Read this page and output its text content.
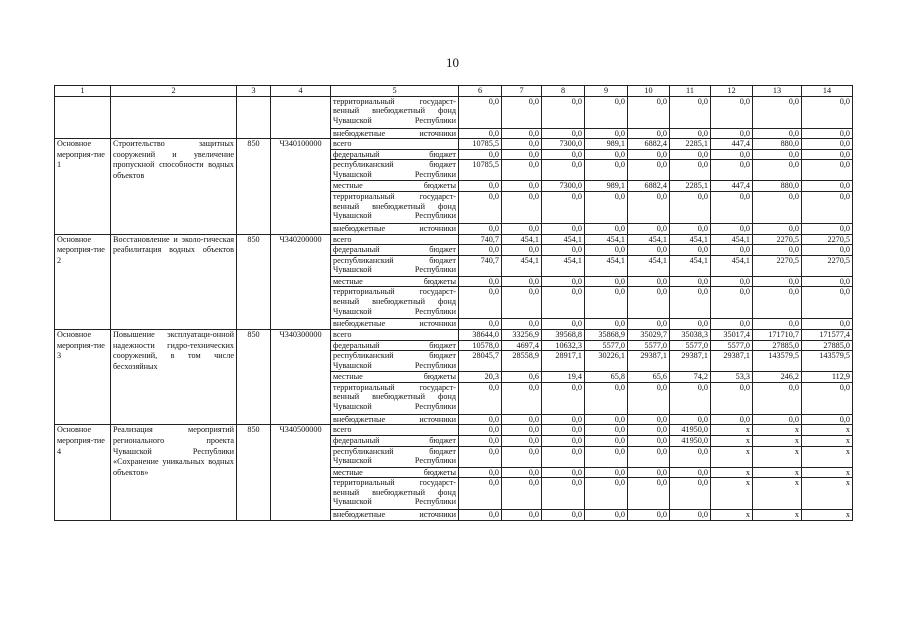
10
1	2	3	4	5	6	7	8	9	10	11	12	13	14
				территориальный государст-венный внебюджетный фонд Чувашской Республики	0,0	0,0	0,0	0,0	0,0	0,0	0,0	0,0	0,0
				внебюджетные источники	0,0	0,0	0,0	0,0	0,0	0,0	0,0	0,0	0,0
Основное мероприя-тие 1	Строительство защитных сооружений и увеличение пропускной способности водных объектов	850	Ч340100000	всего	10785,5	0,0	7300,0	989,1	6882,4	2285,1	447,4	880,0	0,0
				федеральный бюджет	0,0	0,0	0,0	0,0	0,0	0,0	0,0	0,0	0,0
				республиканский бюджет Чувашской Республики	10785,5	0,0	0,0	0,0	0,0	0,0	0,0	0,0	0,0
				местные бюджеты	0,0	0,0	7300,0	989,1	6882,4	2285,1	447,4	880,0	0,0
				территориальный государст-венный внебюджетный фонд Чувашской Республики	0,0	0,0	0,0	0,0	0,0	0,0	0,0	0,0	0,0
				внебюджетные источники	0,0	0,0	0,0	0,0	0,0	0,0	0,0	0,0	0,0
Основное мероприя-тие 2	Восстановление и эколо-гическая реабилитация водных объектов	850	Ч340200000	всего	740,7	454,1	454,1	454,1	454,1	454,1	454,1	2270,5	2270,5
				федеральный бюджет	0,0	0,0	0,0	0,0	0,0	0,0	0,0	0,0	0,0
				республиканский бюджет Чувашской Республики	740,7	454,1	454,1	454,1	454,1	454,1	454,1	2270,5	2270,5
				местные бюджеты	0,0	0,0	0,0	0,0	0,0	0,0	0,0	0,0	0,0
				территориальный государст-венный внебюджетный фонд Чувашской Республики	0,0	0,0	0,0	0,0	0,0	0,0	0,0	0,0	0,0
				внебюджетные источники	0,0	0,0	0,0	0,0	0,0	0,0	0,0	0,0	0,0
Основное мероприя-тие 3	Повышение эксплуатаци-онной надежности гидро-технических сооружений, в том числе бесхозяйных	850	Ч340300000	всего	38644,0	33256,9	39568,8	35868,9	35029,7	35038,3	35017,4	171710,7	171577,4
				федеральный бюджет	10578,0	4697,4	10632,3	5577,0	5577,0	5577,0	5577,0	27885,0	27885,0
				республиканский бюджет Чувашской Республики	28045,7	28558,9	28917,1	30226,1	29387,1	29387,1	29387,1	143579,5	143579,5
				местные бюджеты	20,3	0,6	19,4	65,8	65,6	74,2	53,3	246,2	112,9
				территориальный государст-венный внебюджетный фонд Чувашской Республики	0,0	0,0	0,0	0,0	0,0	0,0	0,0	0,0	0,0
				внебюджетные источники	0,0	0,0	0,0	0,0	0,0	0,0	0,0	0,0	0,0
Основное мероприя-тие 4	Реализация мероприятий регионального проекта Чувашской Республики «Сохранение уникальных водных объектов»	850	Ч340500000	всего	0,0	0,0	0,0	0,0	0,0	41950,0	x	x	x
				федеральный бюджет	0,0	0,0	0,0	0,0	0,0	41950,0	x	x	x
				республиканский бюджет Чувашской Республики	0,0	0,0	0,0	0,0	0,0	0,0	x	x	x
				местные бюджеты	0,0	0,0	0,0	0,0	0,0	0,0	x	x	x
				территориальный государст-венный внебюджетный фонд Чувашской Республики	0,0	0,0	0,0	0,0	0,0	0,0	x	x	x
				внебюджетные источники	0,0	0,0	0,0	0,0	0,0	0,0	x	x	x
